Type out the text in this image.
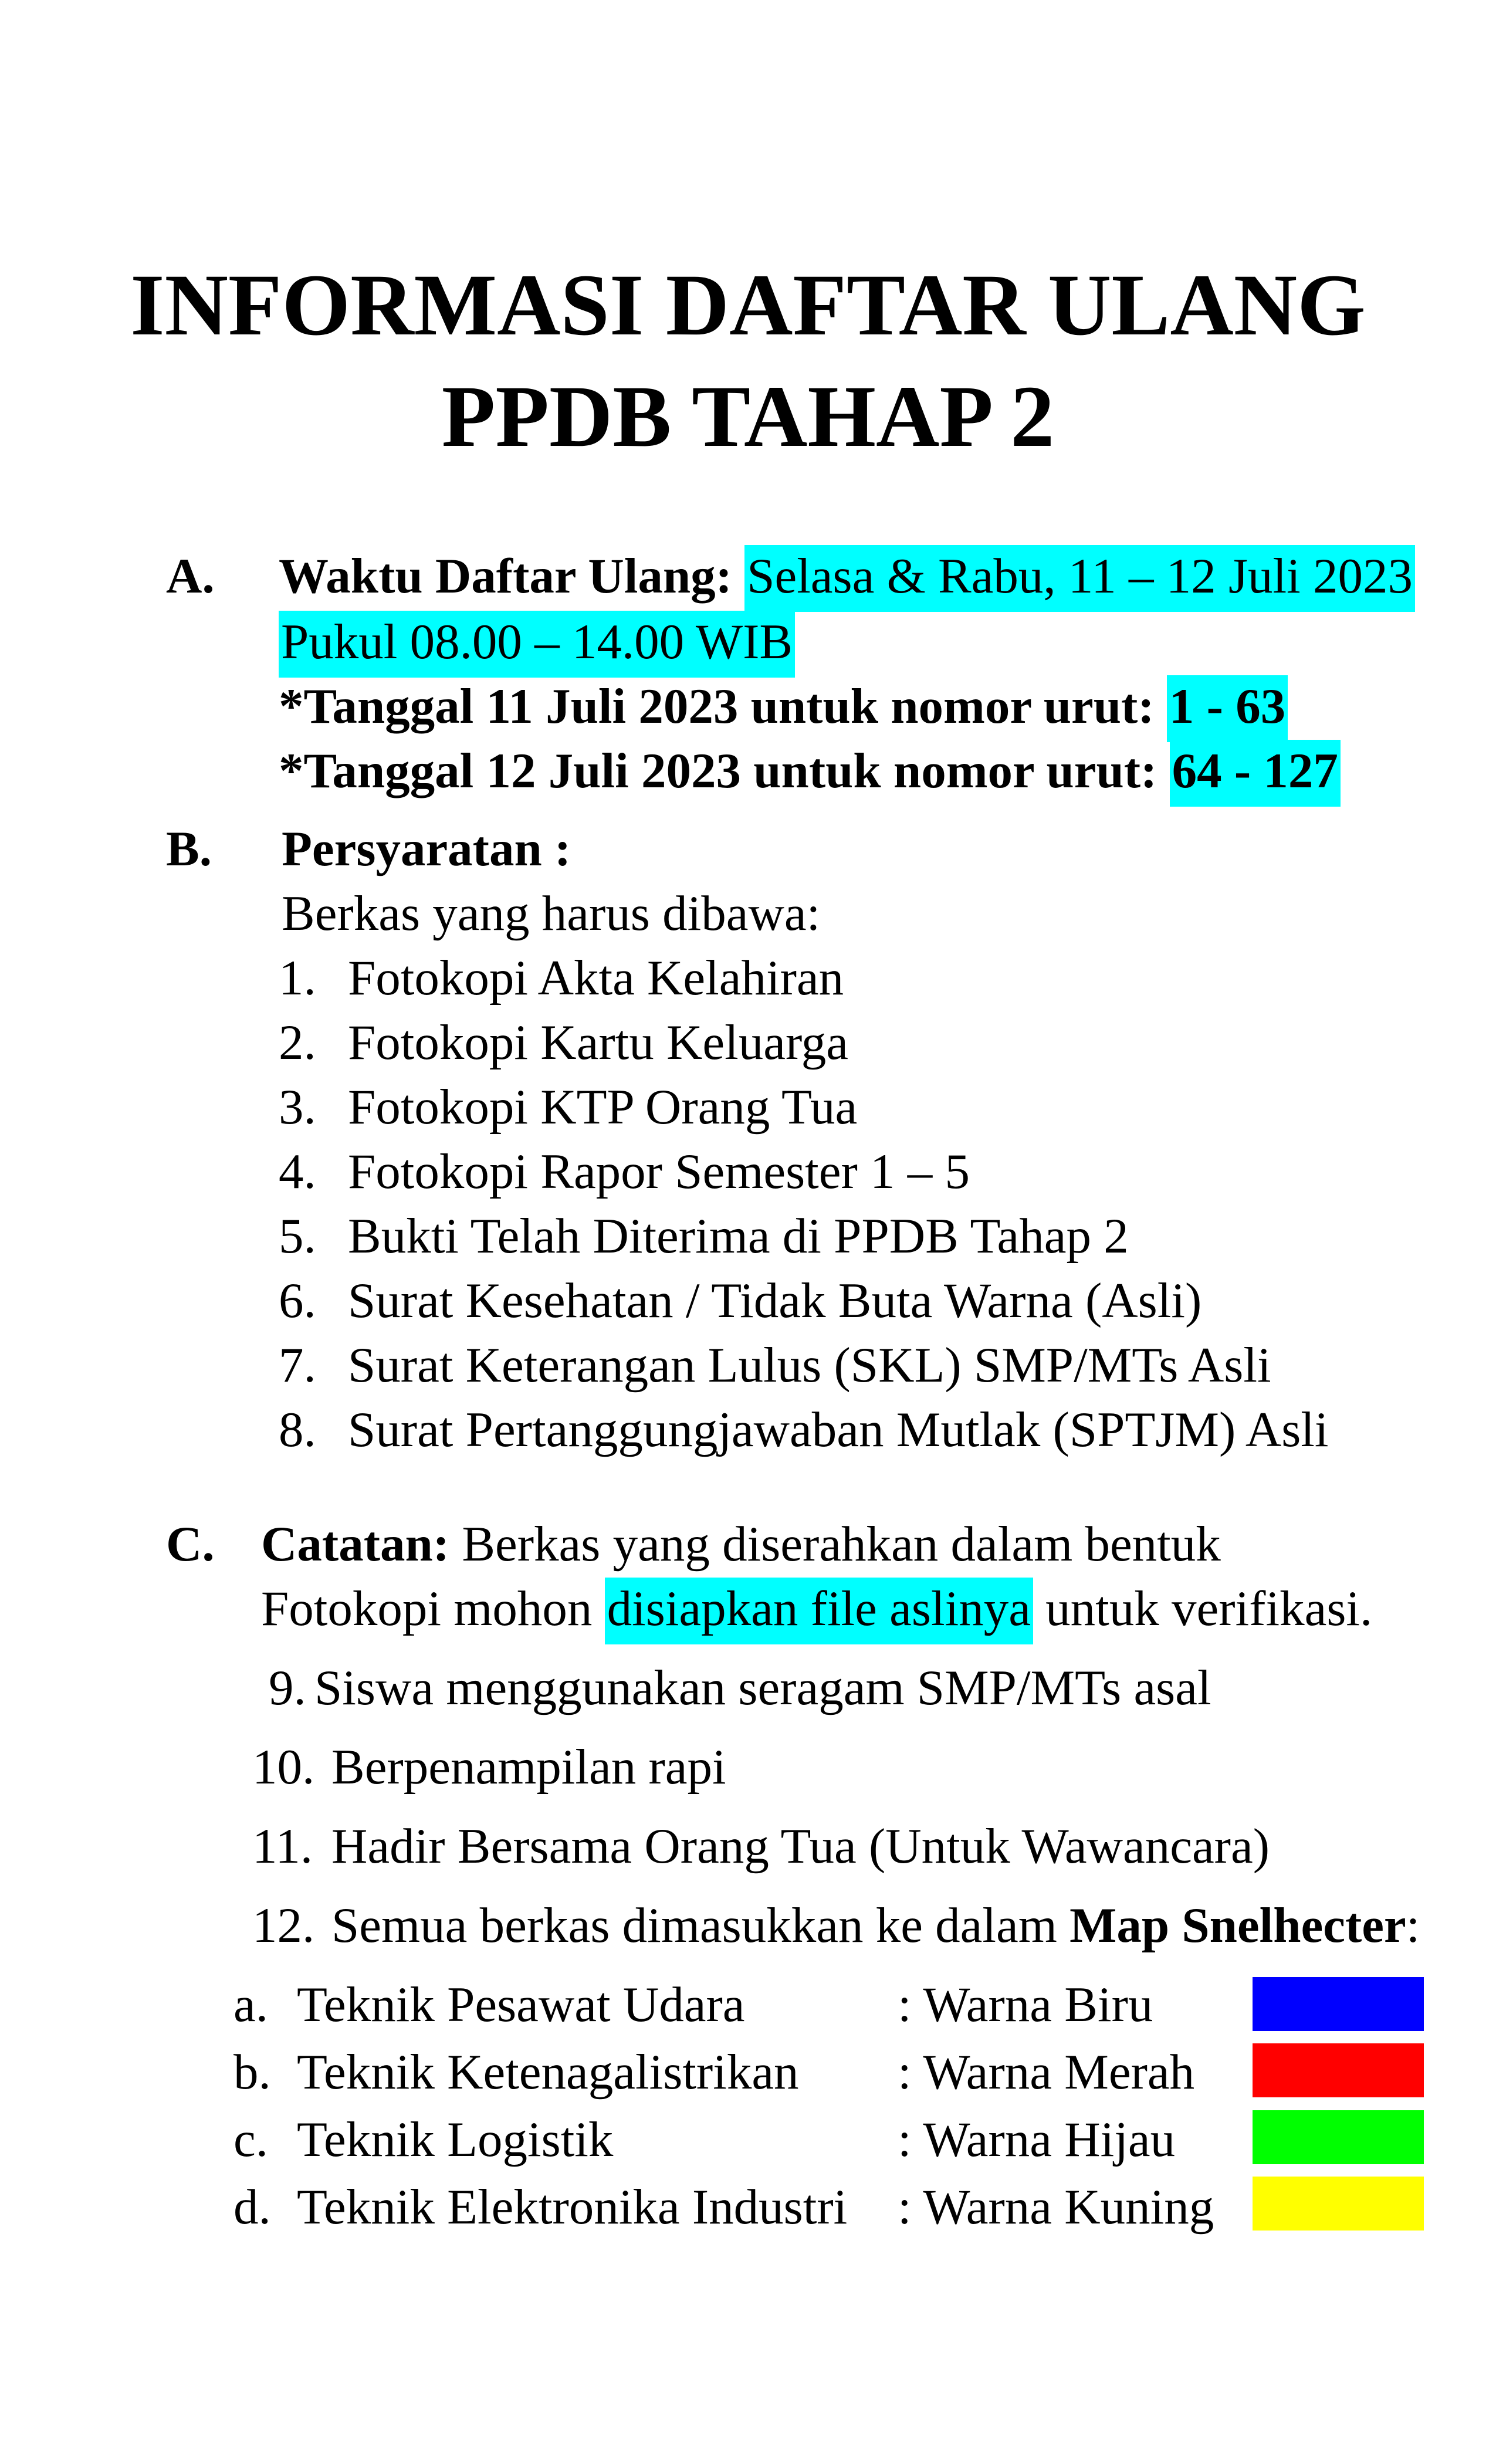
INFORMASI DAFTAR ULANG
PPDB TAHAP 2
A. Waktu Daftar Ulang: Selasa & Rabu, 11 – 12 Juli 2023
Pukul 08.00 – 14.00 WIB
*Tanggal 11 Juli 2023 untuk nomor urut: 1 - 63
*Tanggal 12 Juli 2023 untuk nomor urut: 64 - 127
B. Persyaratan :
Berkas yang harus dibawa:
1. Fotokopi Akta Kelahiran
2. Fotokopi Kartu Keluarga
3. Fotokopi KTP Orang Tua
4. Fotokopi Rapor Semester 1 – 5
5. Bukti Telah Diterima di PPDB Tahap 2
6. Surat Kesehatan / Tidak Buta Warna (Asli)
7. Surat Keterangan Lulus (SKL) SMP/MTs Asli
8. Surat Pertanggungjawaban Mutlak (SPTJM) Asli
C. Catatan: Berkas yang diserahkan dalam bentuk
Fotokopi mohon disiapkan file aslinya untuk verifikasi.
9. Siswa menggunakan seragam SMP/MTs asal
10. Berpenampilan rapi
11. Hadir Bersama Orang Tua (Untuk Wawancara)
12. Semua berkas dimasukkan ke dalam Map Snelhecter:
a. Teknik Pesawat Udara	: Warna Biru
b. Teknik Ketenagalistrikan : Warna Merah
c. Teknik Logistik	: Warna Hijau
d. Teknik Elektronika Industri : Warna Kuning
